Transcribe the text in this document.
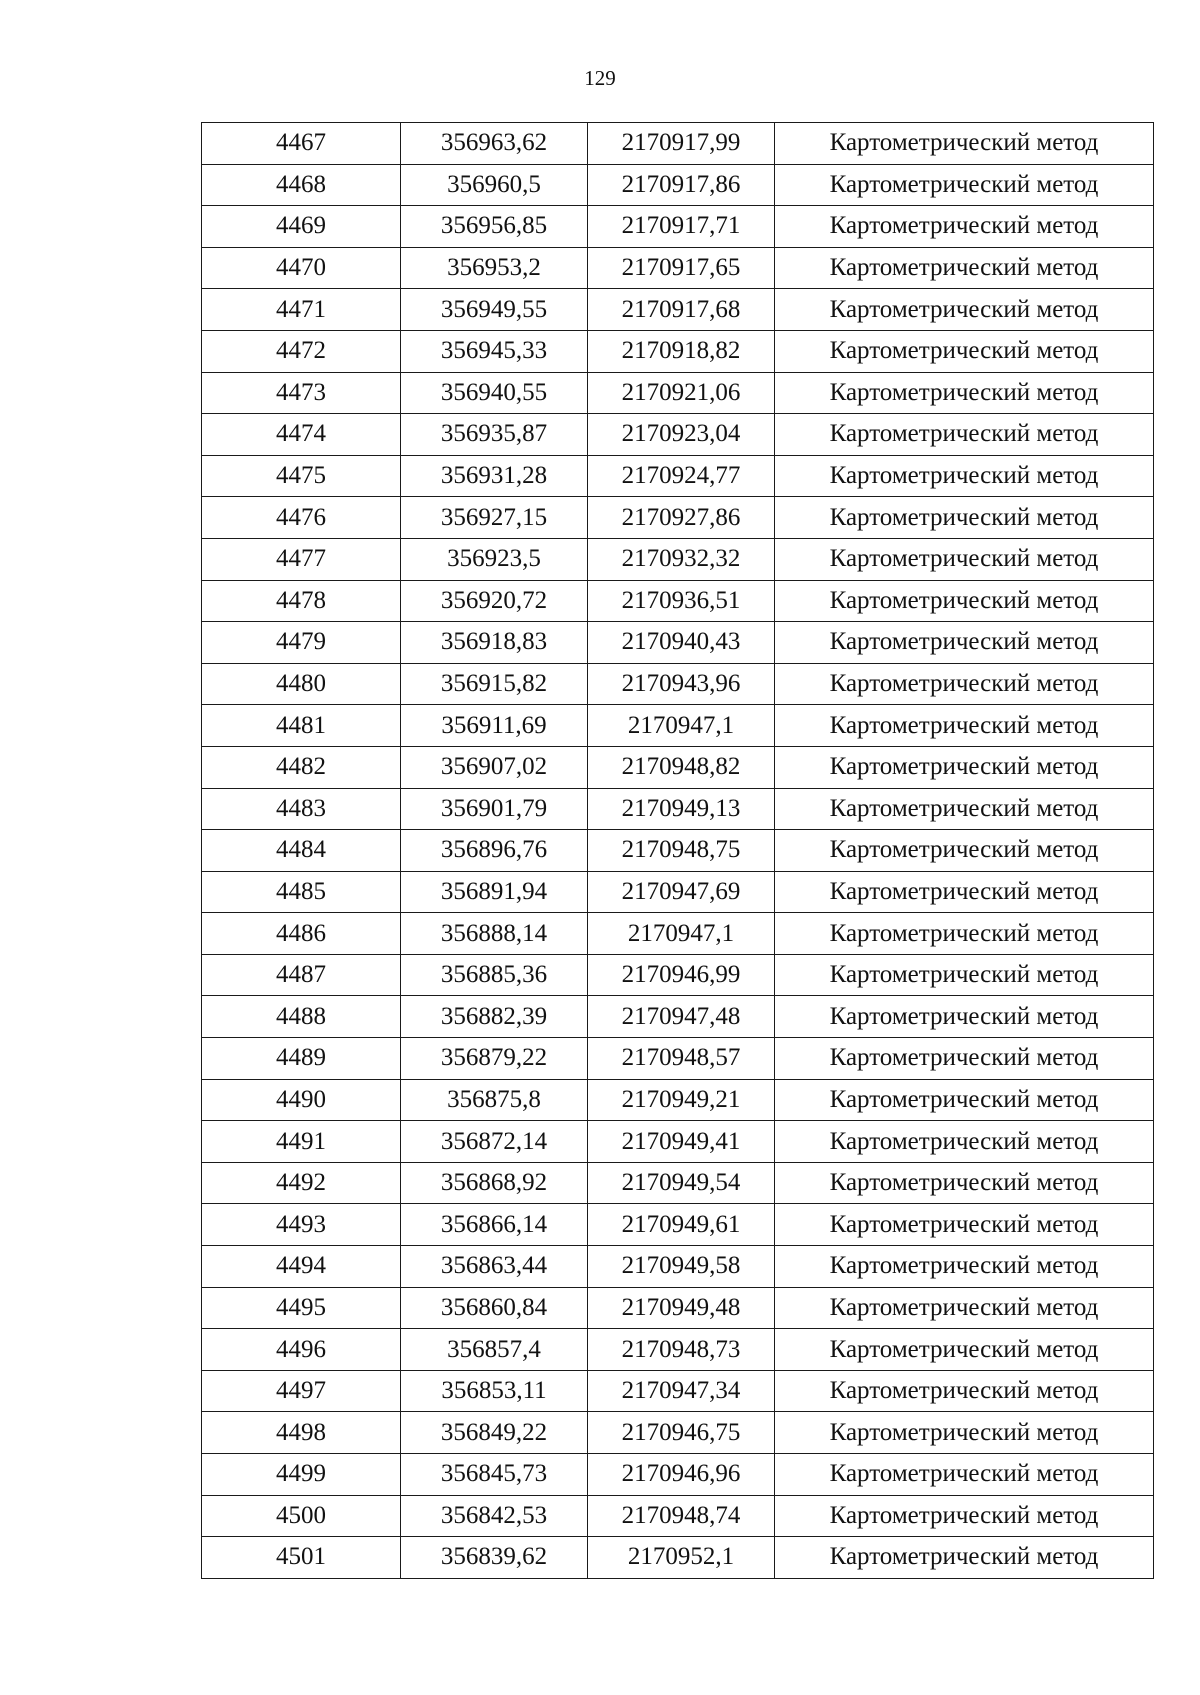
129
4467	356963,62	2170917,99	Картометрический метод
4468	356960,5	2170917,86	Картометрический метод
4469	356956,85	2170917,71	Картометрический метод
4470	356953,2	2170917,65	Картометрический метод
4471	356949,55	2170917,68	Картометрический метод
4472	356945,33	2170918,82	Картометрический метод
4473	356940,55	2170921,06	Картометрический метод
4474	356935,87	2170923,04	Картометрический метод
4475	356931,28	2170924,77	Картометрический метод
4476	356927,15	2170927,86	Картометрический метод
4477	356923,5	2170932,32	Картометрический метод
4478	356920,72	2170936,51	Картометрический метод
4479	356918,83	2170940,43	Картометрический метод
4480	356915,82	2170943,96	Картометрический метод
4481	356911,69	2170947,1	Картометрический метод
4482	356907,02	2170948,82	Картометрический метод
4483	356901,79	2170949,13	Картометрический метод
4484	356896,76	2170948,75	Картометрический метод
4485	356891,94	2170947,69	Картометрический метод
4486	356888,14	2170947,1	Картометрический метод
4487	356885,36	2170946,99	Картометрический метод
4488	356882,39	2170947,48	Картометрический метод
4489	356879,22	2170948,57	Картометрический метод
4490	356875,8	2170949,21	Картометрический метод
4491	356872,14	2170949,41	Картометрический метод
4492	356868,92	2170949,54	Картометрический метод
4493	356866,14	2170949,61	Картометрический метод
4494	356863,44	2170949,58	Картометрический метод
4495	356860,84	2170949,48	Картометрический метод
4496	356857,4	2170948,73	Картометрический метод
4497	356853,11	2170947,34	Картометрический метод
4498	356849,22	2170946,75	Картометрический метод
4499	356845,73	2170946,96	Картометрический метод
4500	356842,53	2170948,74	Картометрический метод
4501	356839,62	2170952,1	Картометрический метод
